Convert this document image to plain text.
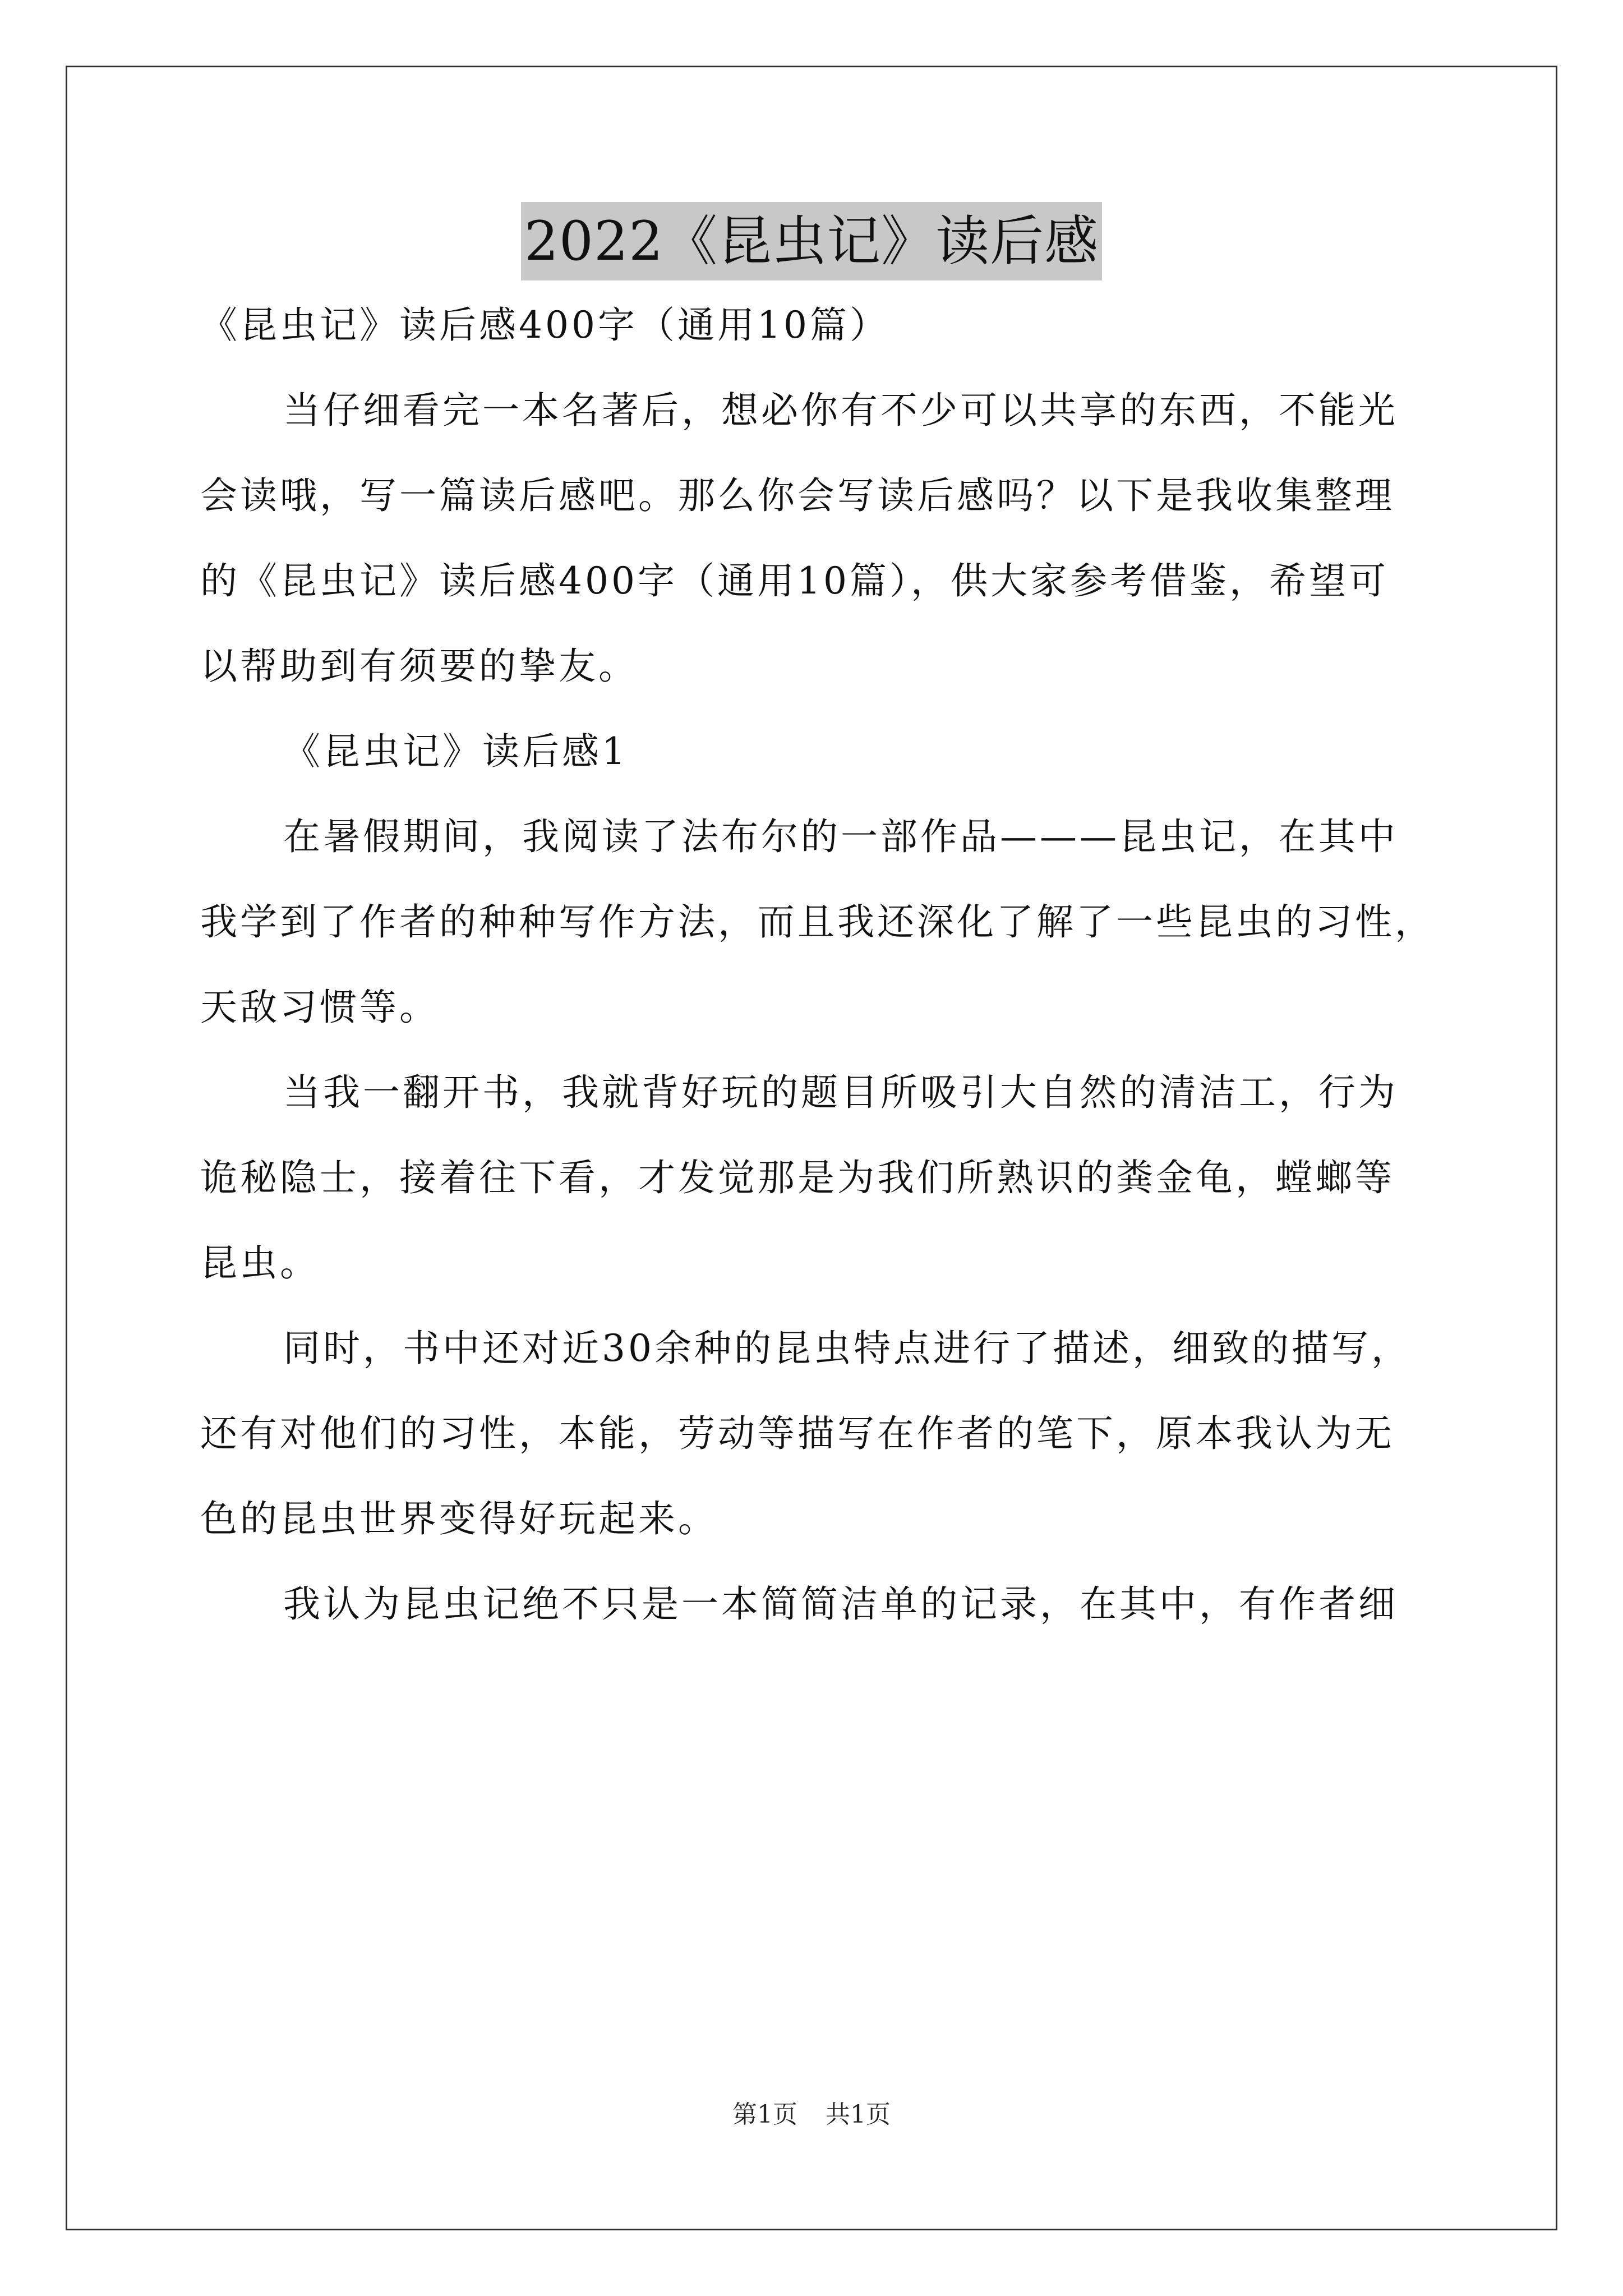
2022《昆虫记》读后感
《昆虫记》读后感400字（通用10篇）
当仔细看完一本名著后，想必你有不少可以共享的东西，不能光
会读哦，写一篇读后感吧。那么你会写读后感吗？以下是我收集整理
的《昆虫记》读后感400字（通用10篇），供大家参考借鉴，希望可
以帮助到有须要的挚友。
《昆虫记》读后感1
在暑假期间，我阅读了法布尔的一部作品———昆虫记，在其中
我学到了作者的种种写作方法，而且我还深化了解了一些昆虫的习性，
天敌习惯等。
当我一翻开书，我就背好玩的题目所吸引大自然的清洁工，行为
诡秘隐士，接着往下看，才发觉那是为我们所熟识的粪金龟，螳螂等
昆虫。
同时，书中还对近30余种的昆虫特点进行了描述，细致的描写，
还有对他们的习性，本能，劳动等描写在作者的笔下，原本我认为无
色的昆虫世界变得好玩起来。
我认为昆虫记绝不只是一本简简洁单的记录，在其中，有作者细
第1页 共1页
